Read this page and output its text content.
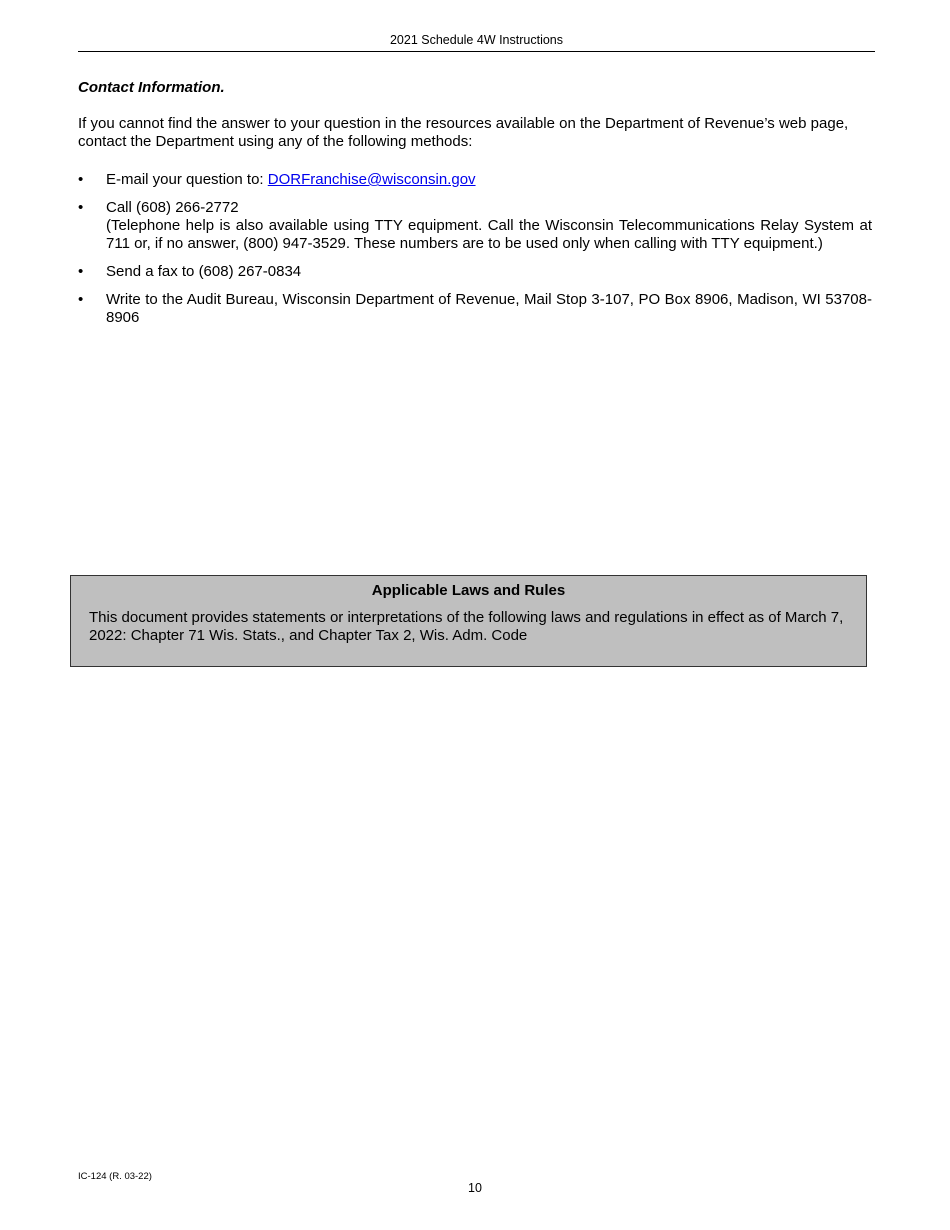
2021 Schedule 4W Instructions
Contact Information.
If you cannot find the answer to your question in the resources available on the Department of Revenue’s web page, contact the Department using any of the following methods:
• E-mail your question to: DORFranchise@wisconsin.gov
• Call (608) 266-2772
(Telephone help is also available using TTY equipment. Call the Wisconsin Telecommunications Relay System at 711 or, if no answer, (800) 947-3529. These numbers are to be used only when calling with TTY equipment.)
• Send a fax to (608) 267-0834
• Write to the Audit Bureau, Wisconsin Department of Revenue, Mail Stop 3-107, PO Box 8906, Madison, WI 53708-8906
Applicable Laws and Rules
This document provides statements or interpretations of the following laws and regulations in effect as of March 7, 2022: Chapter 71 Wis. Stats., and Chapter Tax 2, Wis. Adm. Code
IC-124 (R. 03-22)
10
